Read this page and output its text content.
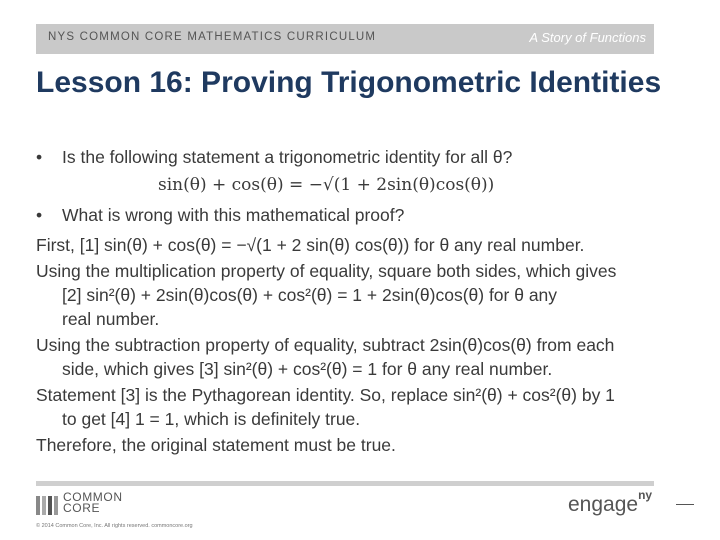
NYS COMMON CORE MATHEMATICS CURRICULUM	A Story of Functions
Lesson 16: Proving Trigonometric Identities
• Is the following statement a trigonometric identity for all θ?
sin(θ) + cos(θ) = −√(1 + 2sin(θ)cos(θ))
• What is wrong with this mathematical proof?
First, [1] sin(θ) + cos(θ) = −√(1 + 2 sin(θ) cos(θ)) for θ any real number.
Using the multiplication property of equality, square both sides, which gives
[2] sin²(θ) + 2sin(θ)cos(θ) + cos²(θ) = 1 + 2sin(θ)cos(θ) for θ any
real number.
Using the subtraction property of equality, subtract 2sin(θ)cos(θ) from each
side, which gives [3] sin²(θ) + cos²(θ) = 1 for θ any real number.
Statement [3] is the Pythagorean identity. So, replace sin²(θ) + cos²(θ) by 1
to get [4] 1 = 1, which is definitely true.
Therefore, the original statement must be true.
COMMON
CORE
© 2014 Common Core, Inc. All rights reserved. commoncore.org
engage$^{ny}$
